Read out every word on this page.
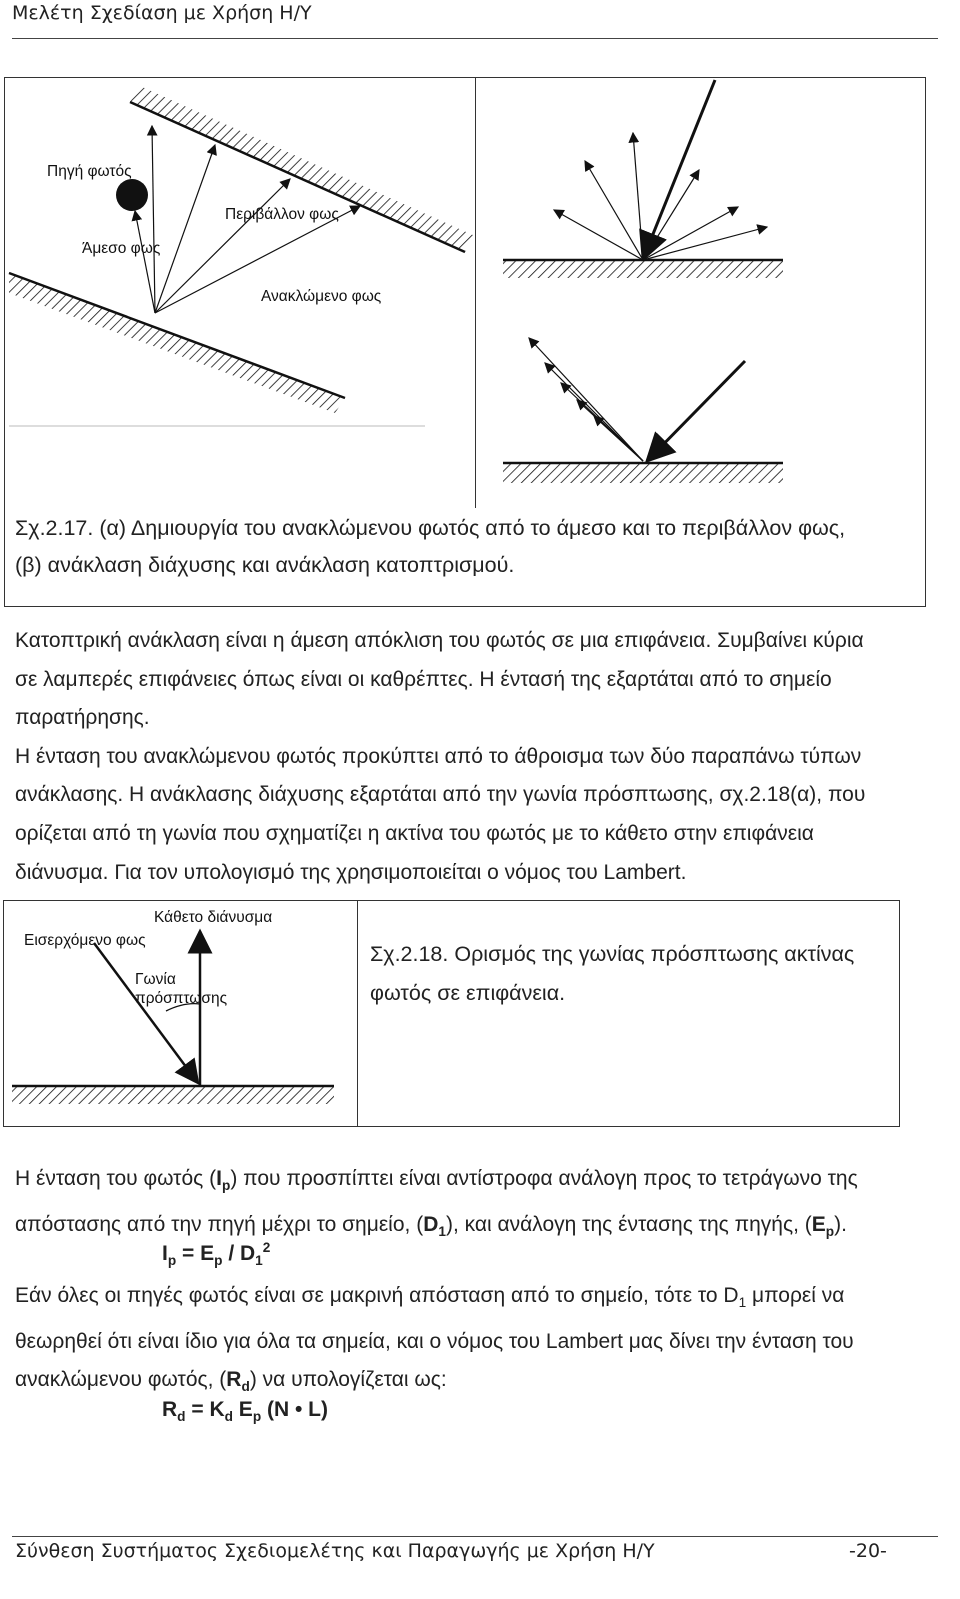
Μελέτη Σχεδίαση με Χρήση Η/Υ
Πηγή φωτός
Περιβάλλον φως
Άμεσο φως
Ανακλώμενο φως
Σχ.2.17. (α) Δημιουργία του ανακλώμενου φωτός από το άμεσο και το περιβάλλον φως,
(β) ανάκλαση διάχυσης και ανάκλαση κατοπτρισμού.
Κατοπτρική ανάκλαση είναι η άμεση απόκλιση του φωτός σε μια επιφάνεια. Συμβαίνει κύρια
σε λαμπερές επιφάνειες όπως είναι οι καθρέπτες. Η έντασή της εξαρτάται από το σημείο
παρατήρησης.
Η ένταση του ανακλώμενου φωτός προκύπτει από το άθροισμα των δύο παραπάνω τύπων
ανάκλασης. Η ανάκλασης διάχυσης εξαρτάται από την γωνία πρόσπτωσης, σχ.2.18(α), που
ορίζεται από τη γωνία που σχηματίζει η ακτίνα του φωτός με το κάθετο στην επιφάνεια
διάνυσμα. Για τον υπολογισμό της χρησιμοποιείται ο νόμος του Lambert.
Κάθετο διάνυσμα
Εισερχόμενο φως
Γωνία
πρόσπτωσης
Σχ.2.18. Ορισμός της γωνίας πρόσπτωσης ακτίνας
φωτός σε επιφάνεια.
Η ένταση του φωτός $(I_p)$ που προσπίπτει είναι αντίστροφα ανάλογη προς το τετράγωνο της
απόστασης από την πηγή μέχρι το σημείο, $(D_1)$, και ανάλογη της έντασης της πηγής, $(E_p)$.
$I_p = E_p / D_1^2$
Εάν όλες οι πηγές φωτός είναι σε μακρινή απόσταση από το σημείο, τότε το $D_1$ μπορεί να
θεωρηθεί ότι είναι ίδιο για όλα τα σημεία, και ο νόμος του Lambert μας δίνει την ένταση του
ανακλώμενου φωτός, $(R_d)$ να υπολογίζεται ως:
$R_d = K_d$ $E_p$ (N • L)
Σύνθεση Συστήματος Σχεδιομελέτης και Παραγωγής με Χρήση Η/Υ	-20-
